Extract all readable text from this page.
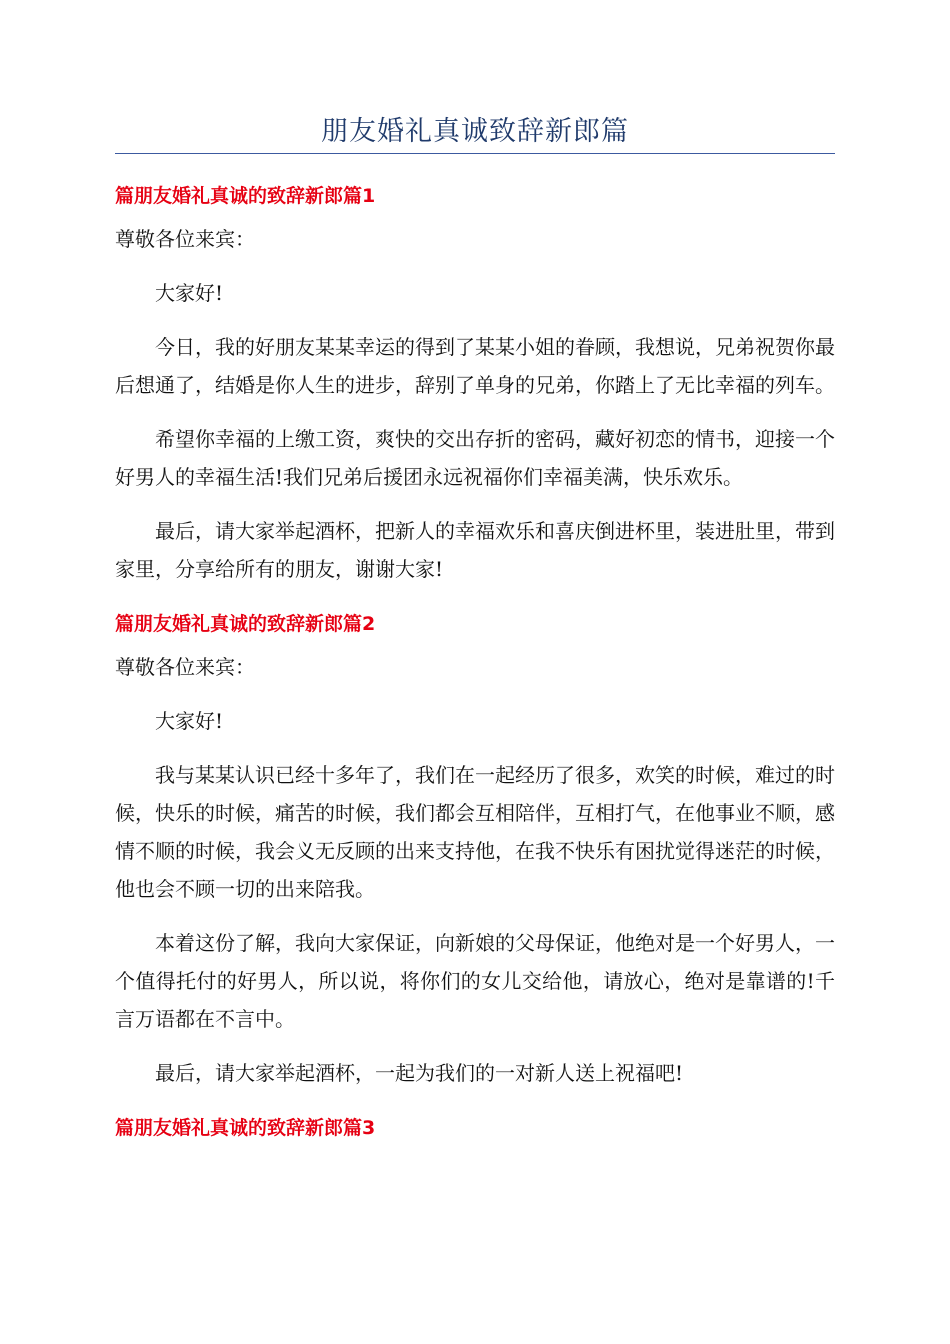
朋友婚礼真诚致辞新郎篇
篇朋友婚礼真诚的致辞新郎篇1
尊敬各位来宾：
大家好!
今日，我的好朋友某某幸运的得到了某某小姐的眷顾，我想说，兄弟祝贺你最后想通了，结婚是你人生的进步，辞别了单身的兄弟，你踏上了无比幸福的列车。
希望你幸福的上缴工资，爽快的交出存折的密码，藏好初恋的情书，迎接一个好男人的幸福生活!我们兄弟后援团永远祝福你们幸福美满，快乐欢乐。
最后，请大家举起酒杯，把新人的幸福欢乐和喜庆倒进杯里，装进肚里，带到家里，分享给所有的朋友，谢谢大家!
篇朋友婚礼真诚的致辞新郎篇2
尊敬各位来宾：
大家好!
我与某某认识已经十多年了，我们在一起经历了很多，欢笑的时候，难过的时候，快乐的时候，痛苦的时候，我们都会互相陪伴，互相打气，在他事业不顺，感情不顺的时候，我会义无反顾的出来支持他，在我不快乐有困扰觉得迷茫的时候，他也会不顾一切的出来陪我。
本着这份了解，我向大家保证，向新娘的父母保证，他绝对是一个好男人，一个值得托付的好男人，所以说，将你们的女儿交给他，请放心，绝对是靠谱的!千言万语都在不言中。
最后，请大家举起酒杯，一起为我们的一对新人送上祝福吧!
篇朋友婚礼真诚的致辞新郎篇3
